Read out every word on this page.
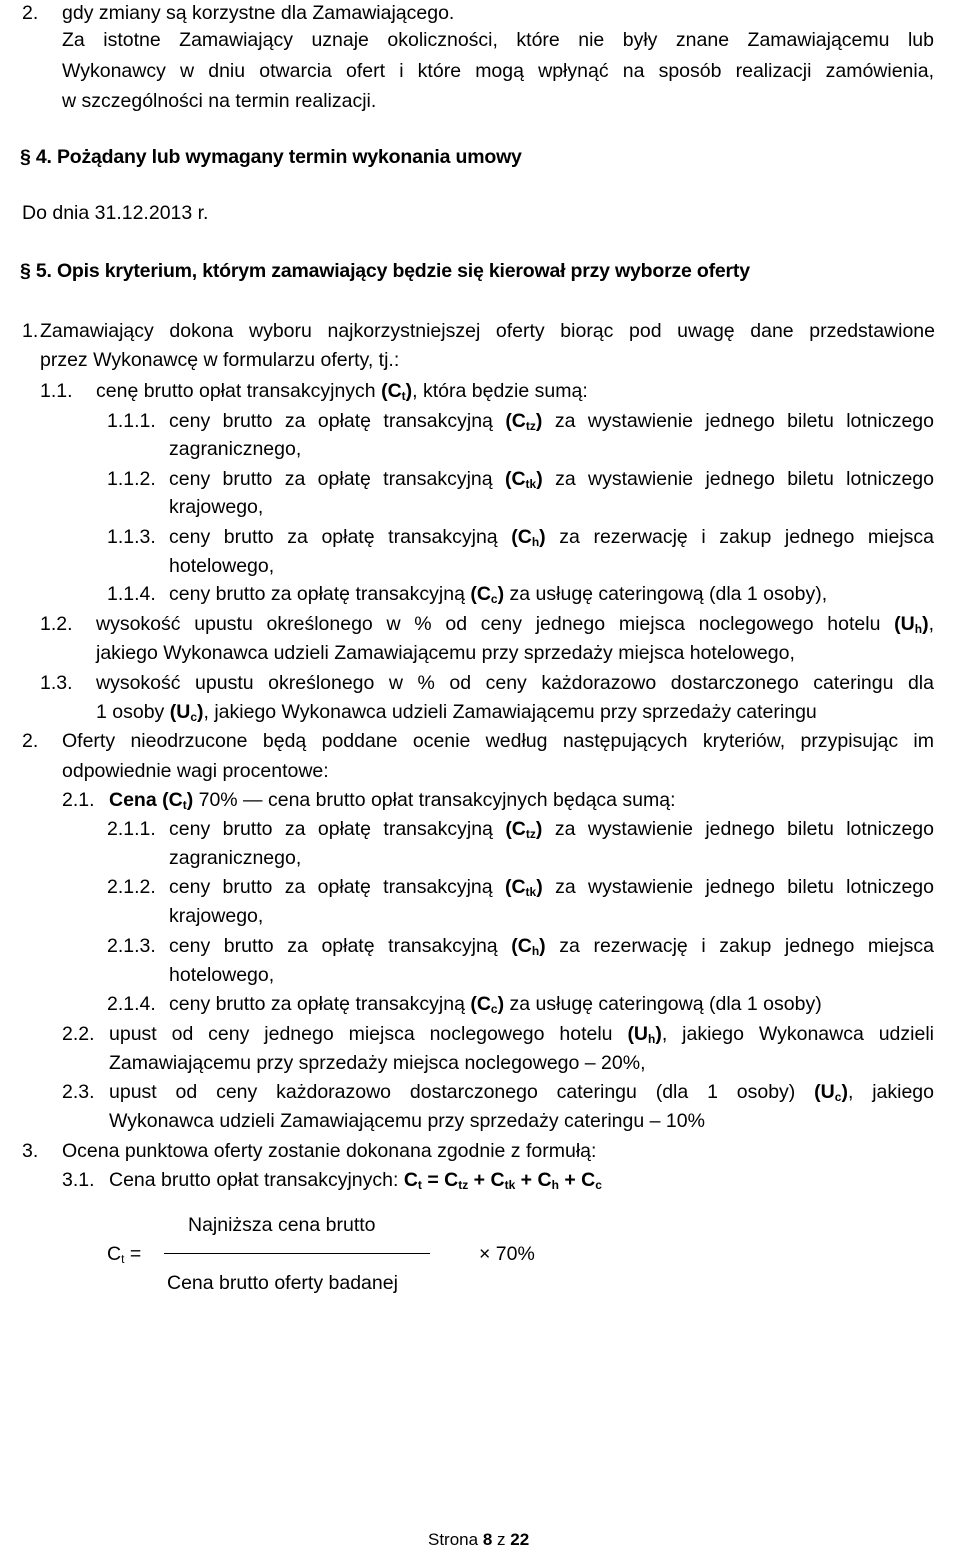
2. gdy zmiany są korzystne dla Zamawiającego.
Za istotne Zamawiający uznaje okoliczności, które nie były znane Zamawiającemu lub
Wykonawcy w dniu otwarcia ofert i które mogą wpłynąć na sposób realizacji zamówienia,
w szczególności na termin realizacji.
§ 4. Pożądany lub wymagany termin wykonania umowy
Do dnia 31.12.2013 r.
§ 5. Opis kryterium, którym zamawiający będzie się kierował przy wyborze oferty
1. Zamawiający dokona wyboru najkorzystniejszej oferty biorąc pod uwagę dane przedstawione
przez Wykonawcę w formularzu oferty, tj.:
1.1. cenę brutto opłat transakcyjnych $(C_t)$, która będzie sumą:
1.1.1. ceny brutto za opłatę transakcyjną $(C_{tz})$ za wystawienie jednego biletu lotniczego
zagranicznego,
1.1.2. ceny brutto za opłatę transakcyjną $(C_{tk})$ za wystawienie jednego biletu lotniczego
krajowego,
1.1.3. ceny brutto za opłatę transakcyjną $(C_h)$ za rezerwację i zakup jednego miejsca
hotelowego,
1.1.4. ceny brutto za opłatę transakcyjną $(C_c)$ za usługę cateringową (dla 1 osoby),
1.2. wysokość upustu określonego w % od ceny jednego miejsca noclegowego hotelu $(U_h)$,
jakiego Wykonawca udzieli Zamawiającemu przy sprzedaży miejsca hotelowego,
1.3. wysokość upustu określonego w % od ceny każdorazowo dostarczonego cateringu dla
1 osoby $(U_c)$, jakiego Wykonawca udzieli Zamawiającemu przy sprzedaży cateringu
2. Oferty nieodrzucone będą poddane ocenie według następujących kryteriów, przypisując im
odpowiednie wagi procentowe:
2.1. Cena $(C_t)$ 70% — cena brutto opłat transakcyjnych będąca sumą:
2.1.1. ceny brutto za opłatę transakcyjną $(C_{tz})$ za wystawienie jednego biletu lotniczego
zagranicznego,
2.1.2. ceny brutto za opłatę transakcyjną $(C_{tk})$ za wystawienie jednego biletu lotniczego
krajowego,
2.1.3. ceny brutto za opłatę transakcyjną $(C_h)$ za rezerwację i zakup jednego miejsca
hotelowego,
2.1.4. ceny brutto za opłatę transakcyjną $(C_c)$ za usługę cateringową (dla 1 osoby)
2.2. upust od ceny jednego miejsca noclegowego hotelu $(U_h)$, jakiego Wykonawca udzieli
Zamawiającemu przy sprzedaży miejsca noclegowego – 20%,
2.3. upust od ceny każdorazowo dostarczonego cateringu (dla 1 osoby) $(U_c)$, jakiego
Wykonawca udzieli Zamawiającemu przy sprzedaży cateringu – 10%
3. Ocena punktowa oferty zostanie dokonana zgodnie z formułą:
3.1. Cena brutto opłat transakcyjnych: $C_t = C_{tz} + C_{tk} + C_h + C_c$
Najniższa cena brutto
$C_t$ =	× 70%
Cena brutto oferty badanej
Strona 8 z 22
